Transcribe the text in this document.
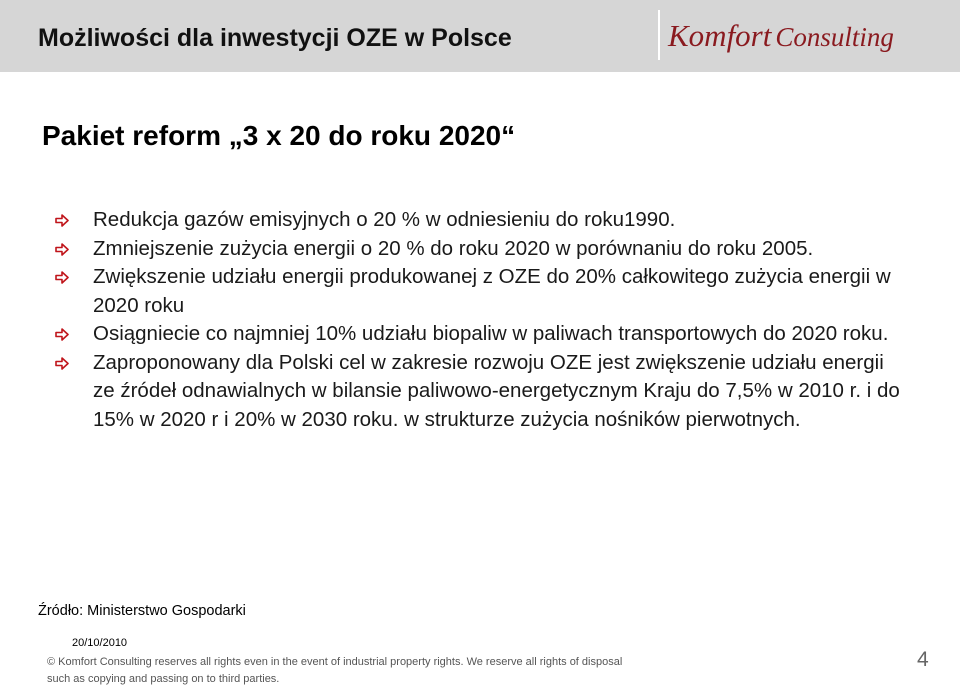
Możliwości dla inwestycji OZE w Polsce	Komfort Consulting
Pakiet reform „3 x 20 do roku 2020“
Redukcja gazów emisyjnych o 20 % w odniesieniu do roku1990.
Zmniejszenie zużycia energii o 20 % do roku 2020 w porównaniu do roku 2005.
Zwiększenie udziału energii produkowanej z OZE do 20% całkowitego zużycia energii w 2020 roku
Osiągniecie co najmniej 10% udziału biopaliw w paliwach transportowych do 2020 roku.
Zaproponowany dla Polski cel w zakresie rozwoju OZE jest zwiększenie udziału energii ze źródeł odnawialnych w bilansie paliwowo-energetycznym Kraju do 7,5% w 2010 r. i do 15% w 2020 r i 20% w 2030 roku. w strukturze zużycia nośników pierwotnych.
Źródło: Ministerstwo Gospodarki
20/10/2010
© Komfort Consulting reserves all rights even in the event of industrial property rights. We reserve all rights of disposal such as copying and passing on to third parties.
4
